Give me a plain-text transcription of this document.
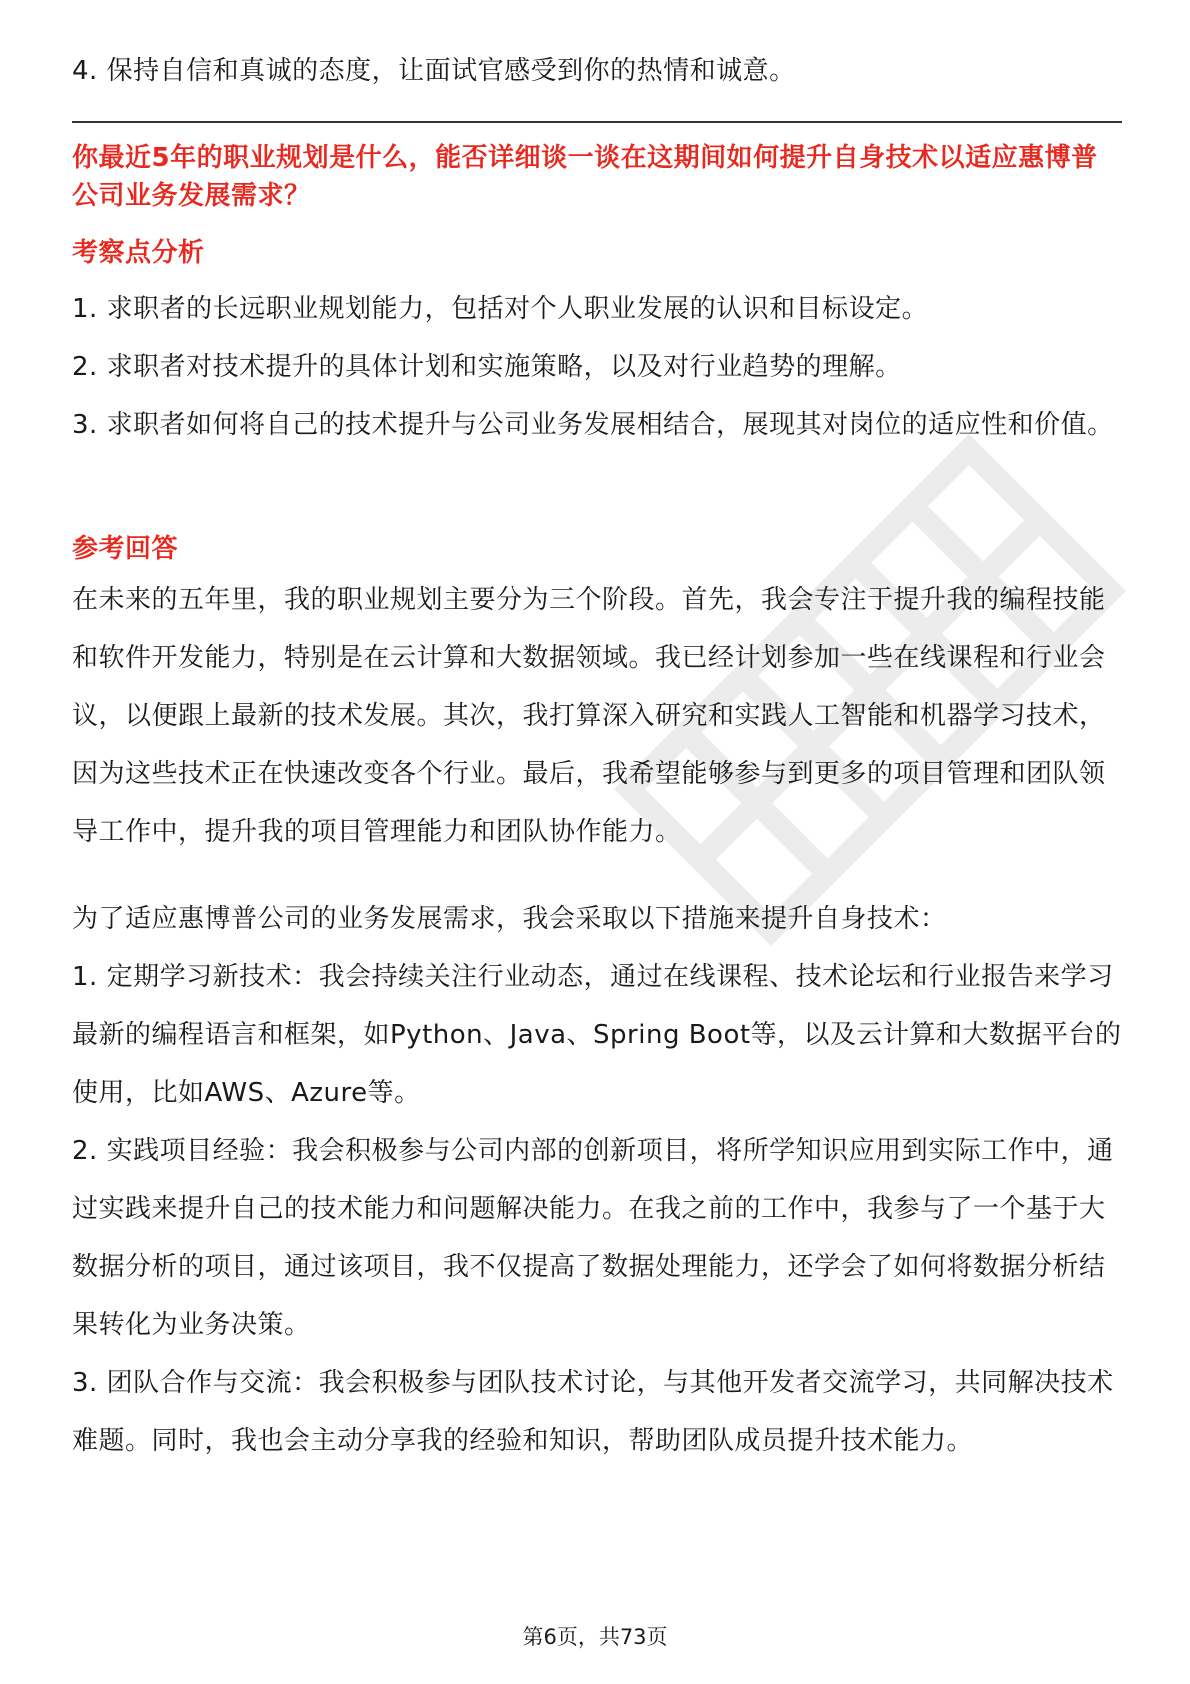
4. 保持自信和真诚的态度，让面试官感受到你的热情和诚意。

你最近5年的职业规划是什么，能否详细谈一谈在这期间如何提升自身技术以适应惠博普公司业务发展需求？

考察点分析

1. 求职者的长远职业规划能力，包括对个人职业发展的认识和目标设定。

2. 求职者对技术提升的具体计划和实施策略，以及对行业趋势的理解。

3. 求职者如何将自己的技术提升与公司业务发展相结合，展现其对岗位的适应性和价值。

参考回答

在未来的五年里，我的职业规划主要分为三个阶段。首先，我会专注于提升我的编程技能和软件开发能力，特别是在云计算和大数据领域。我已经计划参加一些在线课程和行业会议，以便跟上最新的技术发展。其次，我打算深入研究和实践人工智能和机器学习技术，因为这些技术正在快速改变各个行业。最后，我希望能够参与到更多的项目管理和团队领导工作中，提升我的项目管理能力和团队协作能力。

为了适应惠博普公司的业务发展需求，我会采取以下措施来提升自身技术：

1. 定期学习新技术：我会持续关注行业动态，通过在线课程、技术论坛和行业报告来学习最新的编程语言和框架，如Python、Java、Spring Boot等，以及云计算和大数据平台的使用，比如AWS、Azure等。

2. 实践项目经验：我会积极参与公司内部的创新项目，将所学知识应用到实际工作中，通过实践来提升自己的技术能力和问题解决能力。在我之前的工作中，我参与了一个基于大数据分析的项目，通过该项目，我不仅提高了数据处理能力，还学会了如何将数据分析结果转化为业务决策。

3. 团队合作与交流：我会积极参与团队技术讨论，与其他开发者交流学习，共同解决技术难题。同时，我也会主动分享我的经验和知识，帮助团队成员提升技术能力。

第6页，共73页
